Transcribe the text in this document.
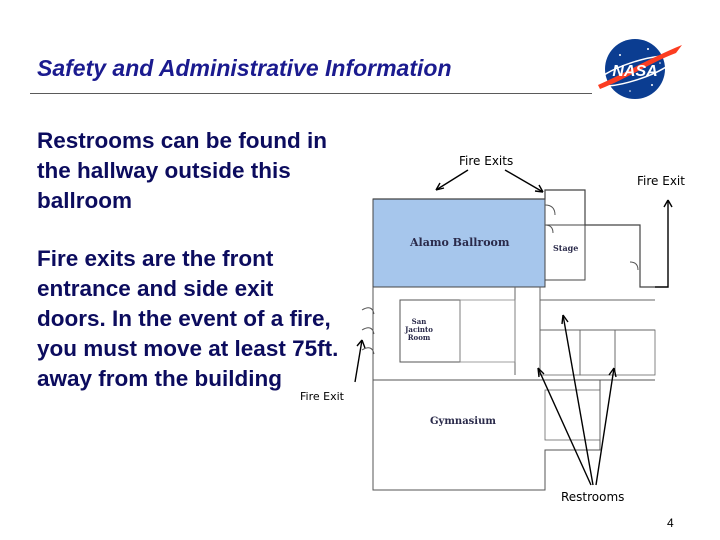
Safety and Administrative Information	NASA
Restrooms can be found in the hallway outside this ballroom
Fire exits are the front entrance and side exit doors. In the event of a fire, you must move at least 75ft. away from the building
Fire Exits
Fire Exit
Fire Exit
Restrooms
Alamo Ballroom	Stage
San Jacinto Room
Gymnasium
4
